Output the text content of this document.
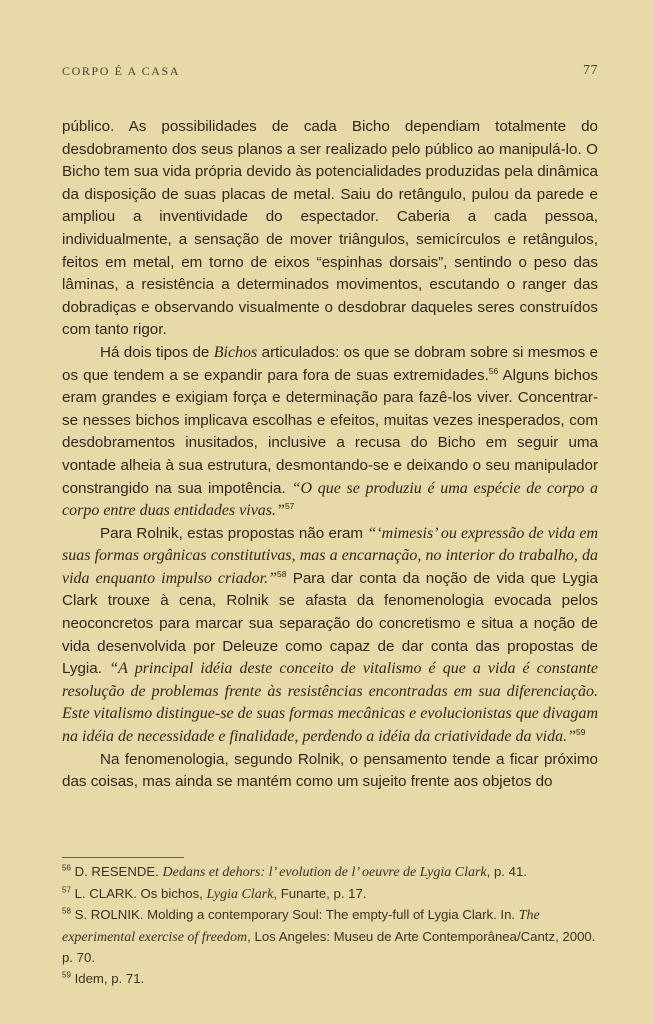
CORPO É A CASA	77

público. As possibilidades de cada Bicho dependiam totalmente do desdobramento dos seus planos a ser realizado pelo público ao manipulá-lo. O Bicho tem sua vida própria devido às potencialidades produzidas pela dinâmica da disposição de suas placas de metal. Saiu do retângulo, pulou da parede e ampliou a inventividade do espectador. Caberia a cada pessoa, individualmente, a sensação de mover triângulos, semicírculos e retângulos, feitos em metal, em torno de eixos “espinhas dorsais”, sentindo o peso das lâminas, a resistência a determinados movimentos, escutando o ranger das dobradiças e observando visualmente o desdobrar daqueles seres construídos com tanto rigor.

Há dois tipos de Bichos articulados: os que se dobram sobre si mesmos e os que tendem a se expandir para fora de suas extremidades.$^{56}$ Alguns bichos eram grandes e exigiam força e determinação para fazê-los viver. Concentrar-se nesses bichos implicava escolhas e efeitos, muitas vezes inesperados, com desdobramentos inusitados, inclusive a recusa do Bicho em seguir uma vontade alheia à sua estrutura, desmontando-se e deixando o seu manipulador constrangido na sua impotência. “O que se produziu é uma espécie de corpo a corpo entre duas entidades vivas.”$^{57}$

Para Rolnik, estas propostas não eram “‘mimesis’ ou expressão de vida em suas formas orgânicas constitutivas, mas a encarnação, no interior do trabalho, da vida enquanto impulso criador.”$^{58}$ Para dar conta da noção de vida que Lygia Clark trouxe à cena, Rolnik se afasta da fenomenologia evocada pelos neoconcretos para marcar sua separação do concretismo e situa a noção de vida desenvolvida por Deleuze como capaz de dar conta das propostas de Lygia. “A principal idéia deste conceito de vitalismo é que a vida é constante resolução de problemas frente às resistências encontradas em sua diferenciação. Este vitalismo distingue-se de suas formas mecânicas e evolucionistas que divagam na idéia de necessidade e finalidade, perdendo a idéia da criatividade da vida.”$^{59}$

Na fenomenologia, segundo Rolnik, o pensamento tende a ficar próximo das coisas, mas ainda se mantém como um sujeito frente aos objetos do

$^{56}$ D. RESENDE. Dedans et dehors: l’ evolution de l’ oeuvre de Lygia Clark, p. 41.
$^{57}$ L. CLARK. Os bichos, Lygia Clark, Funarte, p. 17.
$^{58}$ S. ROLNIK. Molding a contemporary Soul: The empty-full of Lygia Clark. In. The experimental exercise of freedom, Los Angeles: Museu de Arte Contemporânea/Cantz, 2000. p. 70.
$^{59}$ Idem, p. 71.
